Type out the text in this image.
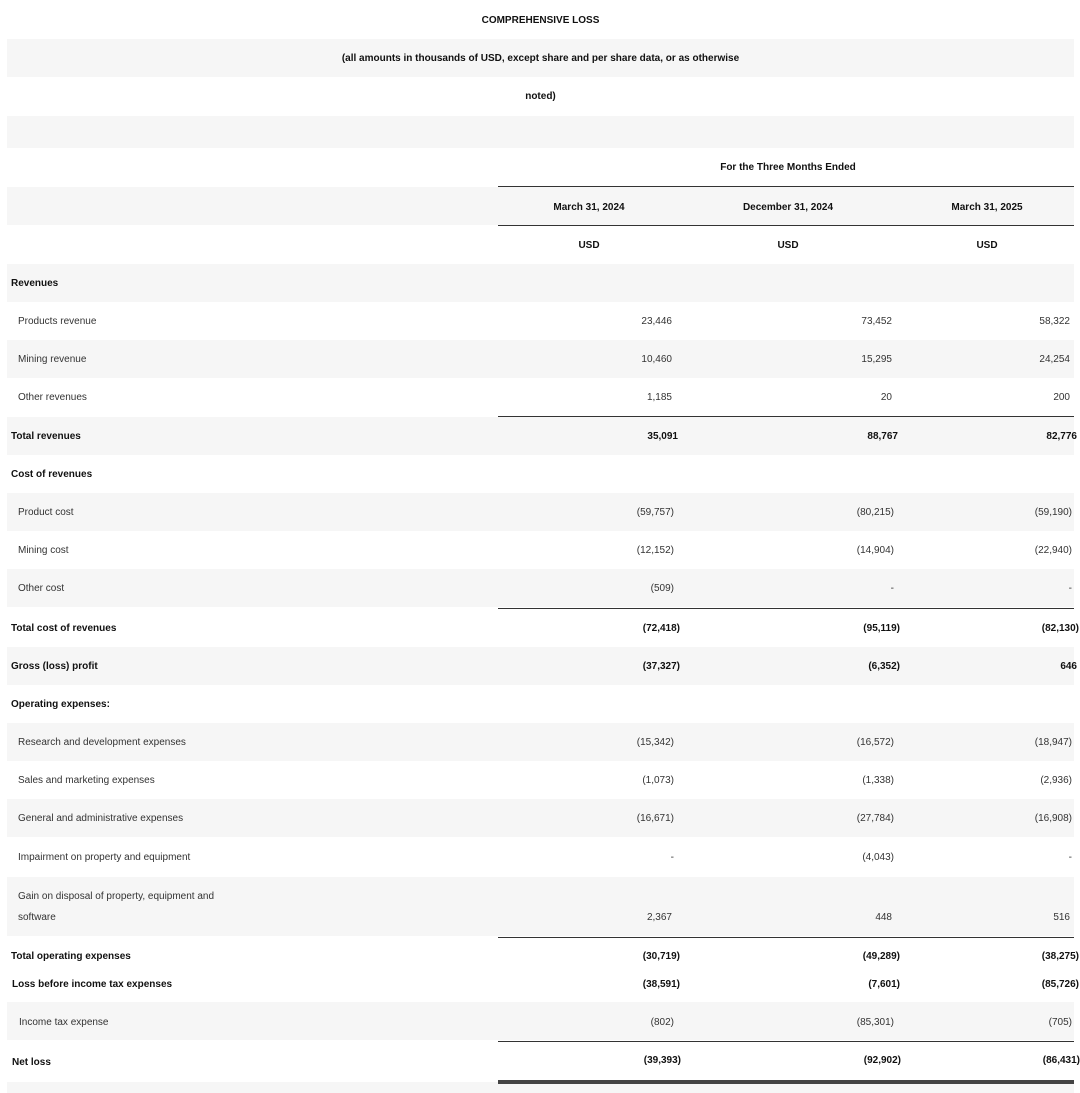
COMPREHENSIVE LOSS
(all amounts in thousands of USD, except share and per share data, or as otherwise
noted)
For the Three Months Ended
March 31, 2024	December 31, 2024	March 31, 2025
USD	USD	USD
Revenues
Products revenue	23,446	73,452	58,322
Mining revenue	10,460	15,295	24,254
Other revenues	1,185	20	200
Total revenues	35,091	88,767	82,776
Cost of revenues
Product cost	(59,757)	(80,215)	(59,190)
Mining cost	(12,152)	(14,904)	(22,940)
Other cost	(509)	-	-
Total cost of revenues	(72,418)	(95,119)	(82,130)
Gross (loss) profit	(37,327)	(6,352)	646
Operating expenses:
Research and development expenses	(15,342)	(16,572)	(18,947)
Sales and marketing expenses	(1,073)	(1,338)	(2,936)
General and administrative expenses	(16,671)	(27,784)	(16,908)
Impairment on property and equipment	-	(4,043)	-
Gain on disposal of property, equipment and
software	2,367	448	516
Total operating expenses	(30,719)	(49,289)	(38,275)
Loss before income tax expenses	(38,591)	(7,601)	(85,726)
Income tax expense	(802)	(85,301)	(705)
Net loss	(39,393)	(92,902)	(86,431)
